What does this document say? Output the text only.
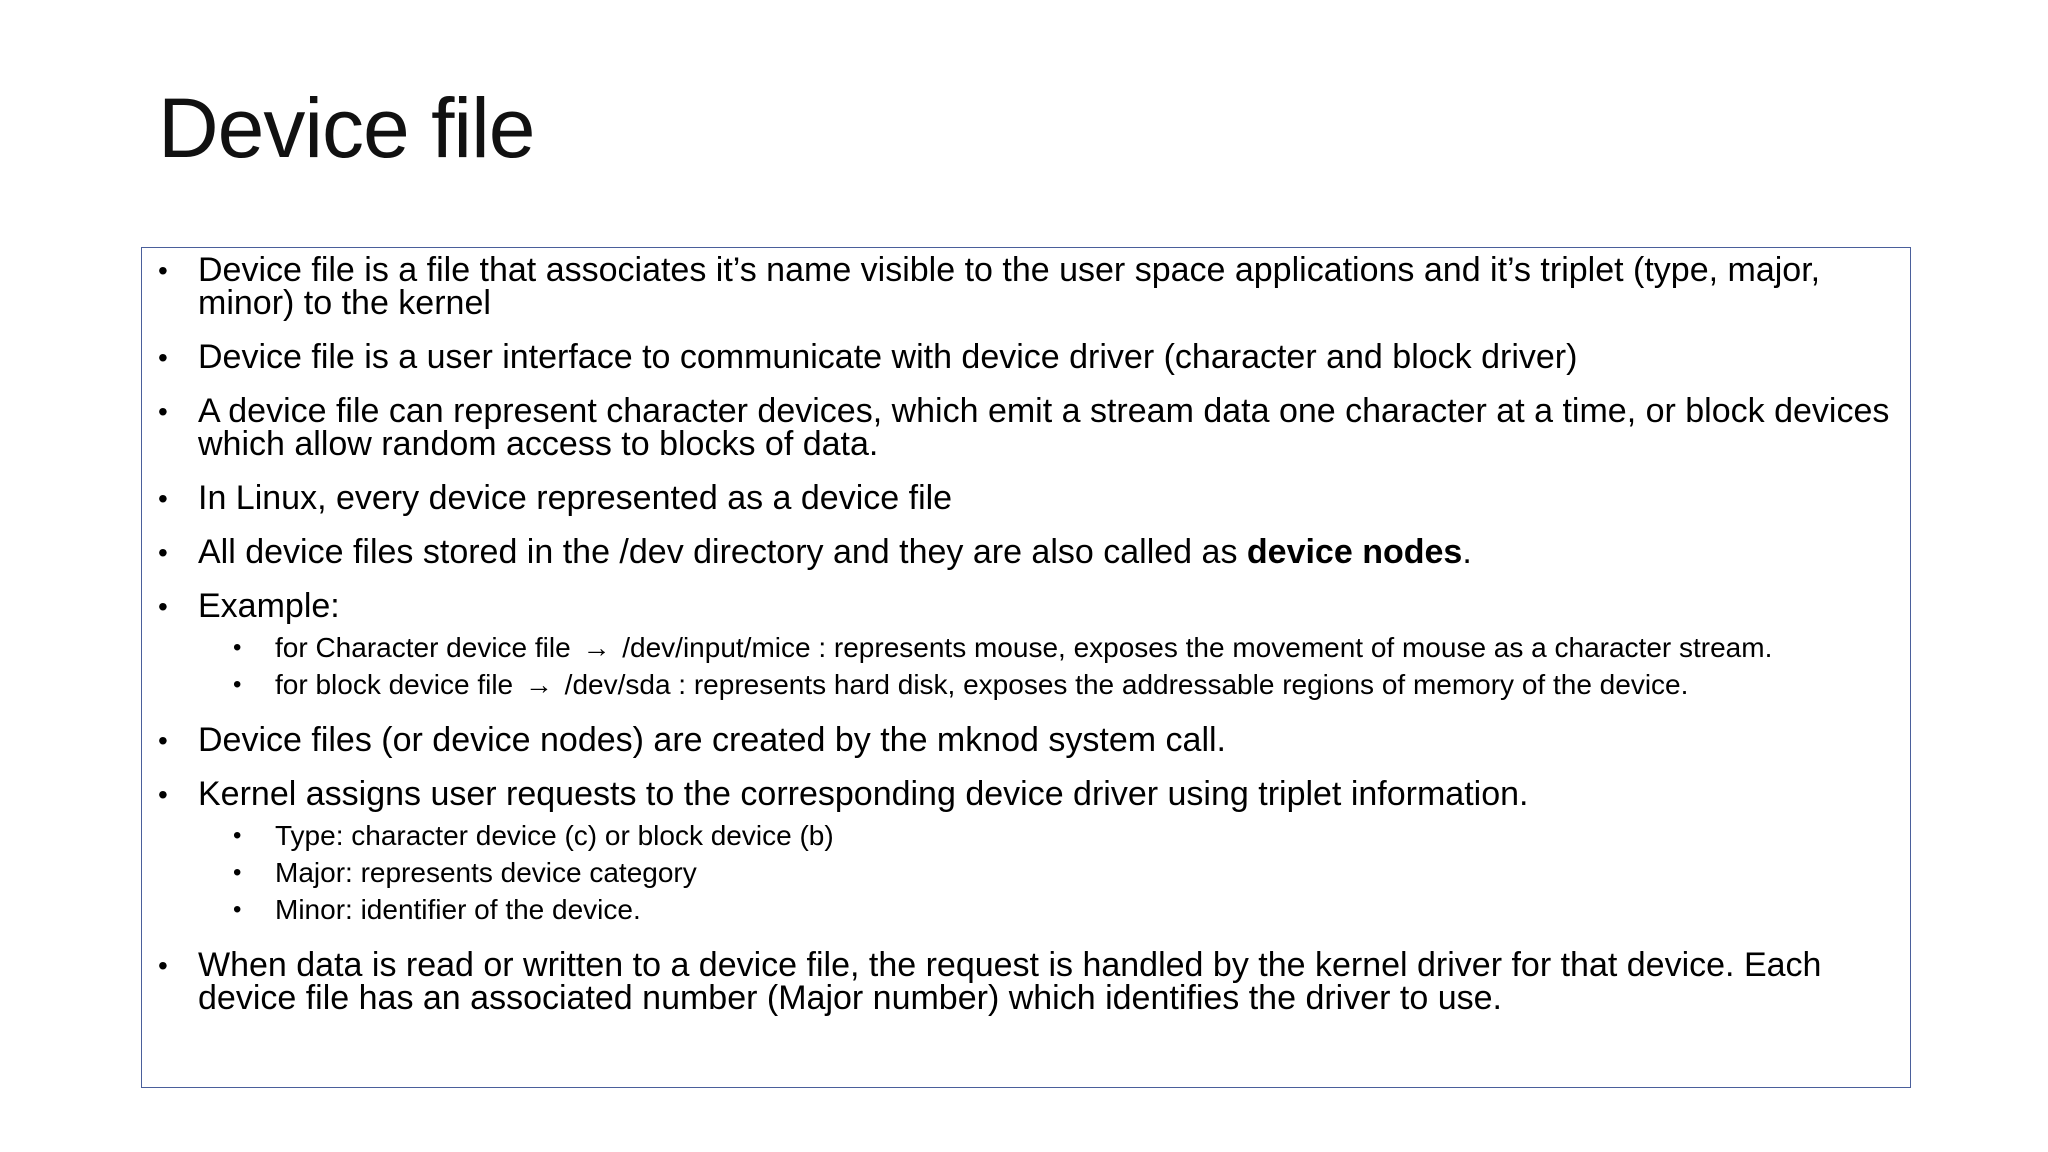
Device file
• Device file is a file that associates it’s name visible to the user space applications and it’s triplet (type, major, minor) to the kernel
• Device file is a user interface to communicate with device driver (character and block driver)
• A device file can represent character devices, which emit a stream data one character at a time, or block devices which allow random access to blocks of data.
• In Linux, every device represented as a device file
• All device files stored in the /dev directory and they are also called as device nodes.
• Example:
• for Character device file → /dev/input/mice : represents mouse, exposes the movement of mouse as a character stream.
• for block device file → /dev/sda : represents hard disk, exposes the addressable regions of memory of the device.
• Device files (or device nodes) are created by the mknod system call.
• Kernel assigns user requests to the corresponding device driver using triplet information.
• Type: character device (c) or block device (b)
• Major: represents device category
• Minor: identifier of the device.
• When data is read or written to a device file, the request is handled by the kernel driver for that device. Each device file has an associated number (Major number) which identifies the driver to use.
